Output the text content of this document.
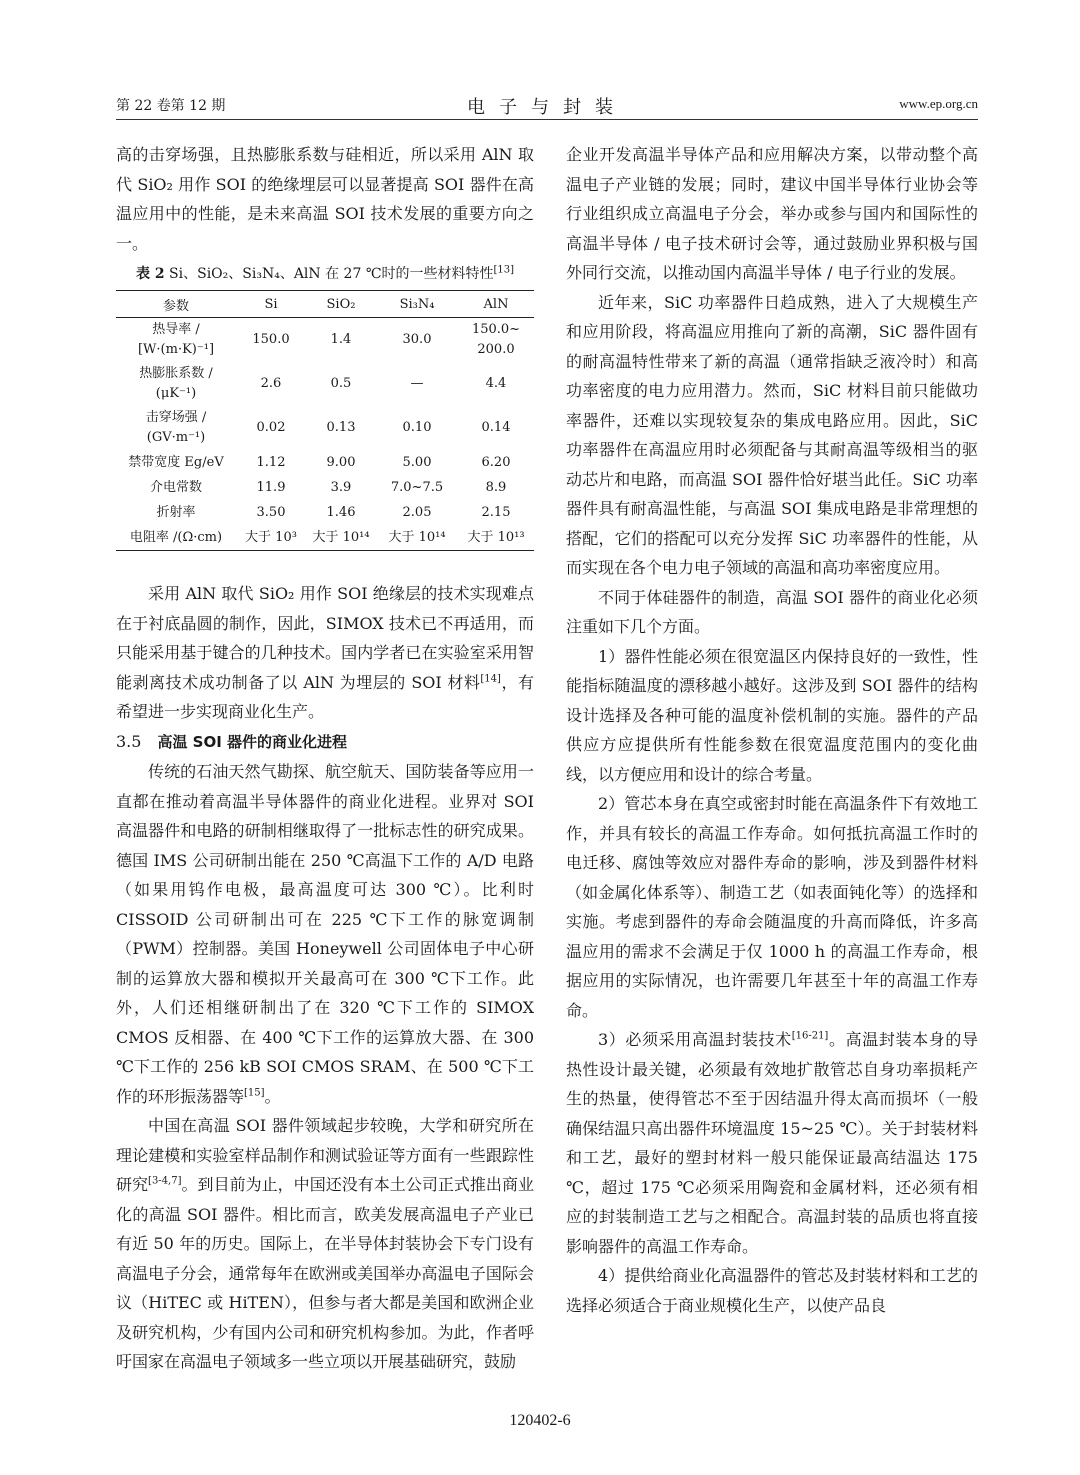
第 22 卷第 12 期	电子与封装	www.ep.org.cn

高的击穿场强，且热膨胀系数与硅相近，所以采用 AlN 取代 SiO₂ 用作 SOI 的绝缘埋层可以显著提高 SOI 器件在高温应用中的性能，是未来高温 SOI 技术发展的重要方向之一。

表 2 Si、SiO₂、Si₃N₄、AlN 在 27 ℃时的一些材料特性[13]
参数	Si	SiO₂	Si₃N₄	AlN

热导率 /
[W·(m·K)⁻¹]	150.0	1.4	30.0	150.0~
200.0

热膨胀系数 /
(μK⁻¹)	2.6	0.5	—	4.4

击穿场强 /
(GV·m⁻¹)	0.02	0.13	0.10	0.14

禁带宽度 Eg/eV	1.12	9.00	5.00	6.20

介电常数	11.9	3.9	7.0~7.5	8.9

折射率	3.50	1.46	2.05	2.15

电阻率 /(Ω·cm)	大于 10³	大于 10¹⁴	大于 10¹⁴	大于 10¹³

采用 AlN 取代 SiO₂ 用作 SOI 绝缘层的技术实现难点在于衬底晶圆的制作，因此，SIMOX 技术已不再适用，而只能采用基于键合的几种技术。国内学者已在实验室采用智能剥离技术成功制备了以 AlN 为埋层的 SOI 材料[14]，有希望进一步实现商业化生产。

3.5  高温 SOI 器件的商业化进程

传统的石油天然气勘探、航空航天、国防装备等应用一直都在推动着高温半导体器件的商业化进程。业界对 SOI 高温器件和电路的研制相继取得了一批标志性的研究成果。德国 IMS 公司研制出能在 250 ℃高温下工作的 A/D 电路（如果用钨作电极，最高温度可达 300 ℃）。比利时 CISSOID 公司研制出可在 225 ℃下工作的脉宽调制（PWM）控制器。美国 Honeywell 公司固体电子中心研制的运算放大器和模拟开关最高可在 300 ℃下工作。此外，人们还相继研制出了在 320 ℃下工作的 SIMOX CMOS 反相器、在 400 ℃下工作的运算放大器、在 300 ℃下工作的 256 kB SOI CMOS SRAM、在 500 ℃下工作的环形振荡器等[15]。

中国在高温 SOI 器件领域起步较晚，大学和研究所在理论建模和实验室样品制作和测试验证等方面有一些跟踪性研究[3-4,7]。到目前为止，中国还没有本土公司正式推出商业化的高温 SOI 器件。相比而言，欧美发展高温电子产业已有近 50 年的历史。国际上，在半导体封装协会下专门设有高温电子分会，通常每年在欧洲或美国举办高温电子国际会议（HiTEC 或 HiTEN），但参与者大都是美国和欧洲企业及研究机构，少有国内公司和研究机构参加。为此，作者呼吁国家在高温电子领域多一些立项以开展基础研究，鼓励

企业开发高温半导体产品和应用解决方案，以带动整个高温电子产业链的发展；同时，建议中国半导体行业协会等行业组织成立高温电子分会，举办或参与国内和国际性的高温半导体 / 电子技术研讨会等，通过鼓励业界积极与国外同行交流，以推动国内高温半导体 / 电子行业的发展。

近年来，SiC 功率器件日趋成熟，进入了大规模生产和应用阶段，将高温应用推向了新的高潮，SiC 器件固有的耐高温特性带来了新的高温（通常指缺乏液冷时）和高功率密度的电力应用潜力。然而，SiC 材料目前只能做功率器件，还难以实现较复杂的集成电路应用。因此，SiC 功率器件在高温应用时必须配备与其耐高温等级相当的驱动芯片和电路，而高温 SOI 器件恰好堪当此任。SiC 功率器件具有耐高温性能，与高温 SOI 集成电路是非常理想的搭配，它们的搭配可以充分发挥 SiC 功率器件的性能，从而实现在各个电力电子领域的高温和高功率密度应用。

不同于体硅器件的制造，高温 SOI 器件的商业化必须注重如下几个方面。

1）器件性能必须在很宽温区内保持良好的一致性，性能指标随温度的漂移越小越好。这涉及到 SOI 器件的结构设计选择及各种可能的温度补偿机制的实施。器件的产品供应方应提供所有性能参数在很宽温度范围内的变化曲线，以方便应用和设计的综合考量。

2）管芯本身在真空或密封时能在高温条件下有效地工作，并具有较长的高温工作寿命。如何抵抗高温工作时的电迁移、腐蚀等效应对器件寿命的影响，涉及到器件材料（如金属化体系等）、制造工艺（如表面钝化等）的选择和实施。考虑到器件的寿命会随温度的升高而降低，许多高温应用的需求不会满足于仅 1000 h 的高温工作寿命，根据应用的实际情况，也许需要几年甚至十年的高温工作寿命。

3）必须采用高温封装技术[16-21]。高温封装本身的导热性设计最关键，必须最有效地扩散管芯自身功率损耗产生的热量，使得管芯不至于因结温升得太高而损坏（一般确保结温只高出器件环境温度 15~25 ℃）。关于封装材料和工艺，最好的塑封材料一般只能保证最高结温达 175 ℃，超过 175 ℃必须采用陶瓷和金属材料，还必须有相应的封装制造工艺与之相配合。高温封装的品质也将直接影响器件的高温工作寿命。

4）提供给商业化高温器件的管芯及封装材料和工艺的选择必须适合于商业规模化生产，以使产品良

120402-6
